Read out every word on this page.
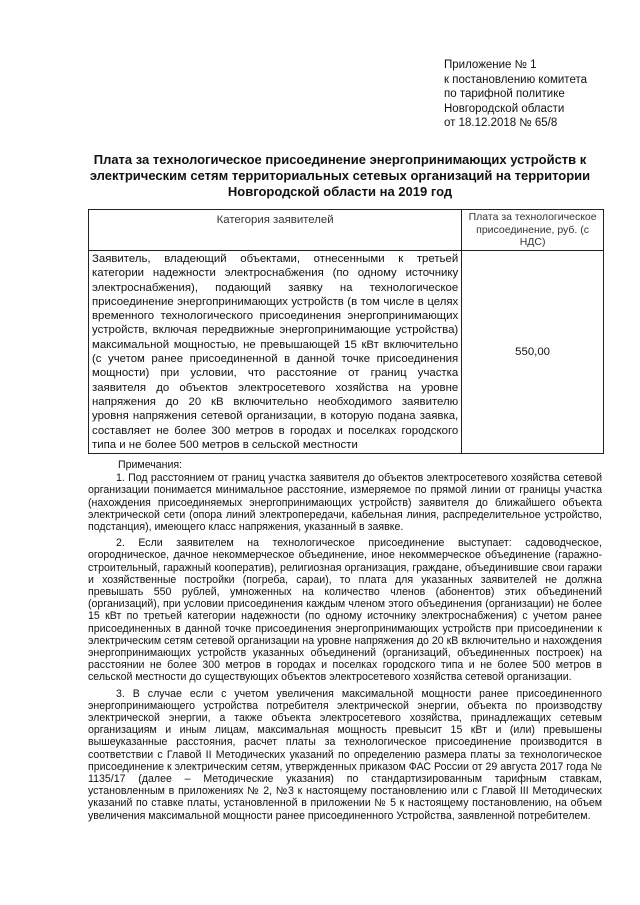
Приложение № 1
к постановлению комитета
по тарифной политике
Новгородской области
от 18.12.2018 № 65/8
Плата за технологическое присоединение энергопринимающих устройств к электрическим сетям территориальных сетевых организаций на территории Новгородской области на 2019 год
Категория заявителей	Плата за технологическое присоединение, руб. (с НДС)
Заявитель, владеющий объектами, отнесенными к третьей категории надежности электроснабжения (по одному источнику электроснабжения), подающий заявку на технологическое присоединение энергопринимающих устройств (в том числе в целях временного технологического присоединения энергопринимающих устройств, включая передвижные энергопринимающие устройства) максимальной мощностью, не превышающей 15 кВт включительно (с учетом ранее присоединенной в данной точке присоединения мощности) при условии, что расстояние от границ участка заявителя до объектов электросетевого хозяйства на уровне напряжения до 20 кВ включительно необходимого заявителю уровня напряжения сетевой организации, в которую подана заявка, составляет не более 300 метров в городах и поселках городского типа и не более 500 метров в сельской местности	550,00
Примечания:

1. Под расстоянием от границ участка заявителя до объектов электросетевого хозяйства сетевой организации понимается минимальное расстояние, измеряемое по прямой линии от границы участка (нахождения присоединяемых энергопринимающих устройств) заявителя до ближайшего объекта электрической сети (опора линий электропередачи, кабельная линия, распределительное устройство, подстанция), имеющего класс напряжения, указанный в заявке.

2. Если заявителем на технологическое присоединение выступает: садоводческое, огородническое, дачное некоммерческое объединение, иное некоммерческое объединение (гаражно-строительный, гаражный кооператив), религиозная организация, граждане, объединившие свои гаражи и хозяйственные постройки (погреба, сараи), то плата для указанных заявителей не должна превышать 550 рублей, умноженных на количество членов (абонентов) этих объединений (организаций), при условии присоединения каждым членом этого объединения (организации) не более 15 кВт по третьей категории надежности (по одному источнику электроснабжения) с учетом ранее присоединенных в данной точке присоединения энергопринимающих устройств при присоединении к электрическим сетям сетевой организации на уровне напряжения до 20 кВ включительно и нахождения энергопринимающих устройств указанных объединений (организаций, объединенных построек) на расстоянии не более 300 метров в городах и поселках городского типа и не более 500 метров в сельской местности до существующих объектов электросетевого хозяйства сетевой организации.

3. В случае если с учетом увеличения максимальной мощности ранее присоединенного энергопринимающего устройства потребителя электрической энергии, объекта по производству электрической энергии, а также объекта электросетевого хозяйства, принадлежащих сетевым организациям и иным лицам, максимальная мощность превысит 15 кВт и (или) превышены вышеуказанные расстояния, расчет платы за технологическое присоединение производится в соответствии с Главой II Методических указаний по определению размера платы за технологическое присоединение к электрическим сетям, утвержденных приказом ФАС России от 29 августа 2017 года № 1135/17 (далее – Методические указания) по стандартизированным тарифным ставкам, установленным в приложениях № 2, №3 к настоящему постановлению или с Главой III Методических указаний по ставке платы, установленной в приложении № 5 к настоящему постановлению, на объем увеличения максимальной мощности ранее присоединенного Устройства, заявленной потребителем.
